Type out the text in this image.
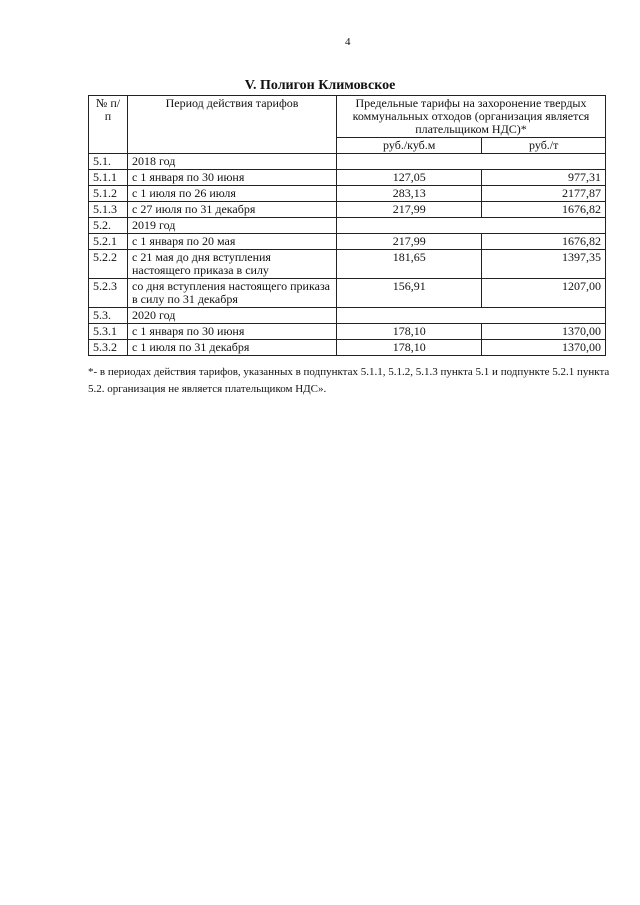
4
V. Полигон Климовское
№ п/п	Период действия тарифов	Предельные тарифы на захоронение твердых коммунальных отходов (организация является плательщиком НДС)*	
		руб./куб.м	руб./т
5.1.	2018 год		
5.1.1	с 1 января по 30 июня	127,05	977,31
5.1.2	с 1 июля по 26 июля	283,13	2177,87
5.1.3	с 27 июля по 31 декабря	217,99	1676,82
5.2.	2019 год		
5.2.1	с 1 января по 20 мая	217,99	1676,82
5.2.2	с 21 мая до дня вступления настоящего приказа в силу	181,65	1397,35
5.2.3	со дня вступления настоящего приказа в силу по 31 декабря	156,91	1207,00
5.3.	2020 год		
5.3.1	с 1 января по 30 июня	178,10	1370,00
5.3.2	с 1 июля по 31 декабря	178,10	1370,00
*- в периодах действия тарифов, указанных в подпунктах 5.1.1, 5.1.2, 5.1.3 пункта 5.1 и подпункте 5.2.1 пункта 5.2. организация не является плательщиком НДС».
